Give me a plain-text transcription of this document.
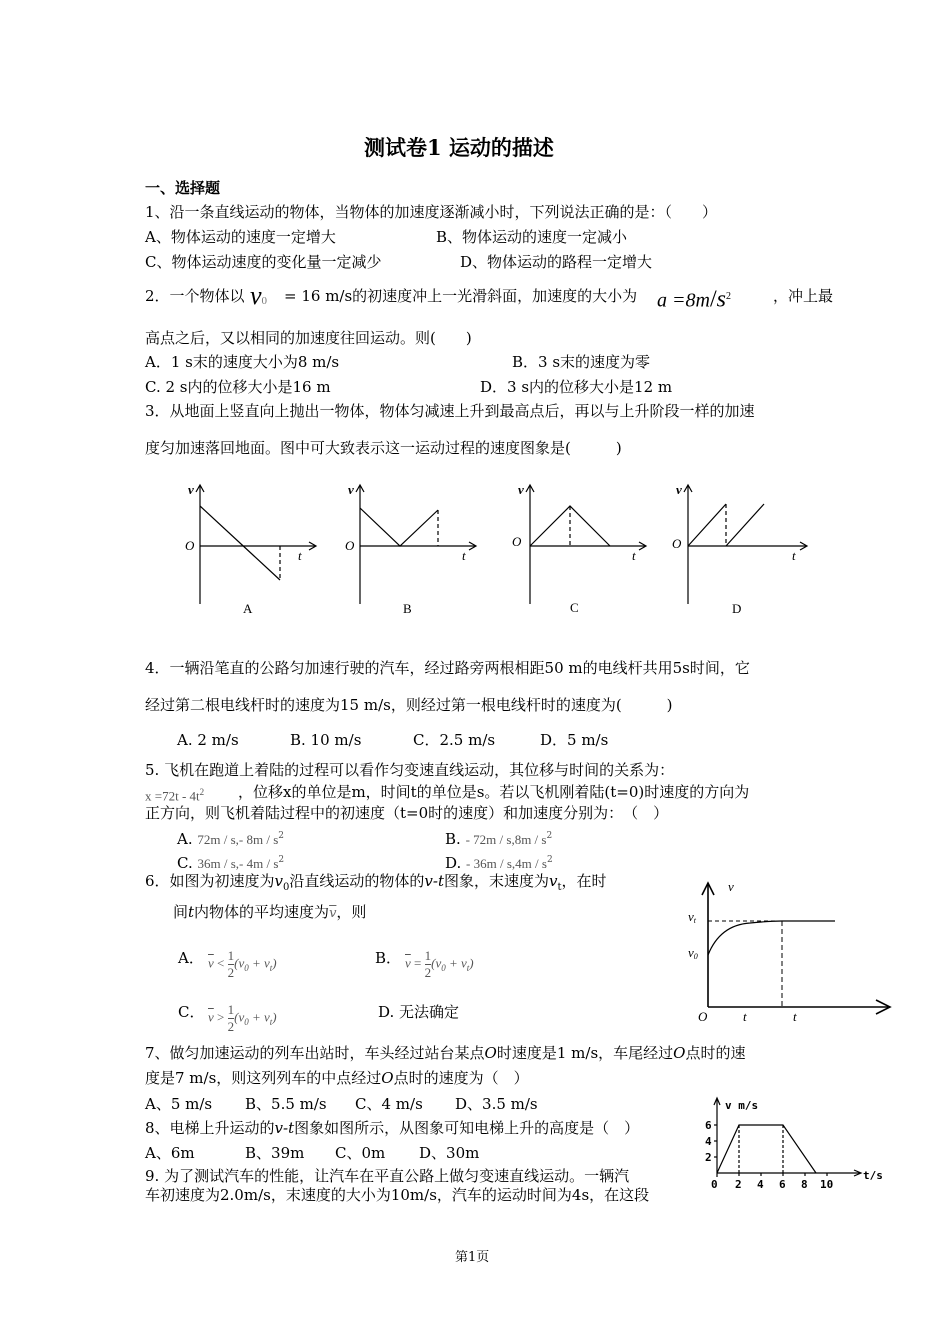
测试卷1 运动的描述
一、选择题
1、沿一条直线运动的物体，当物体的加速度逐渐减小时，下列说法正确的是：（　　）
A、物体运动的速度一定增大	B、物体运动的速度一定减小
C、物体运动速度的变化量一定减少	D、物体运动的路程一定增大
2．一个物体以 v0 = 16 m/s的初速度冲上一光滑斜面，加速度的大小为 $a =8m/s^2$	，冲上最
高点之后，又以相同的加速度往回运动。则(　　)
A．1 s末的速度大小为8 m/s	B．3 s末的速度为零
C. 2 s内的位移大小是16 m	D．3 s内的位移大小是12 m
3．从地面上竖直向上抛出一物体，物体匀减速上升到最高点后，再以与上升阶段一样的加速
度匀加速落回地面。图中可大致表示这一运动过程的速度图象是(　　　)
v
O
t
A
v
O
t
B
v
O
t
C
v
O
t
D
4．一辆沿笔直的公路匀加速行驶的汽车，经过路旁两根相距50 m的电线杆共用5s时间，它
经过第二根电线杆时的速度为15 m/s，则经过第一根电线杆时的速度为(　　　)
A. 2 m/s	B. 10 m/s	C．2.5 m/s	D．5 m/s
5. 飞机在跑道上着陆的过程可以看作匀变速直线运动，其位移与时间的关系为：
$x =72t - 4t^2$ ，位移x的单位是m，时间t的单位是s。若以飞机刚着陆(t=0)时速度的方向为
正方向，则飞机着陆过程中的初速度（t=0时的速度）和加速度分别为：　（　）
A. 72m / s,- $8m / s^2$	B. - $72m / s,8m / s^2$
C. 36m / s,- $4m / s^2$	D. - $36m / s,4m / s^2$
6．如图为初速度为$v_0$沿直线运动的物体的v-t图象，末速度为$v_t$，在时
间t内物体的平均速度为$\overline{v}$，则
A． $\overline{v} < \frac{1}{2} (v_0 + v_t)$	B． $\overline{v} = \frac{1}{2} (v_0 + v_t)$
C． $\overline{v} > \frac{1}{2} (v_0 + v_t)$	D. 无法确定
v
vt
v0
O	t	t
7、做匀加速运动的列车出站时，车头经过站台某点O时速度是1 m/s，车尾经过O点时的速
度是7 m/s，则这列列车的中点经过O点时的速度为（　）
A、5 m/s B、5.5 m/s C、4 m/s D、3.5 m/s
8、电梯上升运动的v-t图象如图所示，从图象可知电梯上升的高度是（　）
A、6m	B、39m C、0m D、30m
v m/s
t/s
6
4
2
0 2 4 6 8 10
9. 为了测试汽车的性能，让汽车在平直公路上做匀变速直线运动。一辆汽
车初速度为2.0m/s，末速度的大小为10m/s，汽车的运动时间为4s，在这段
第1页
